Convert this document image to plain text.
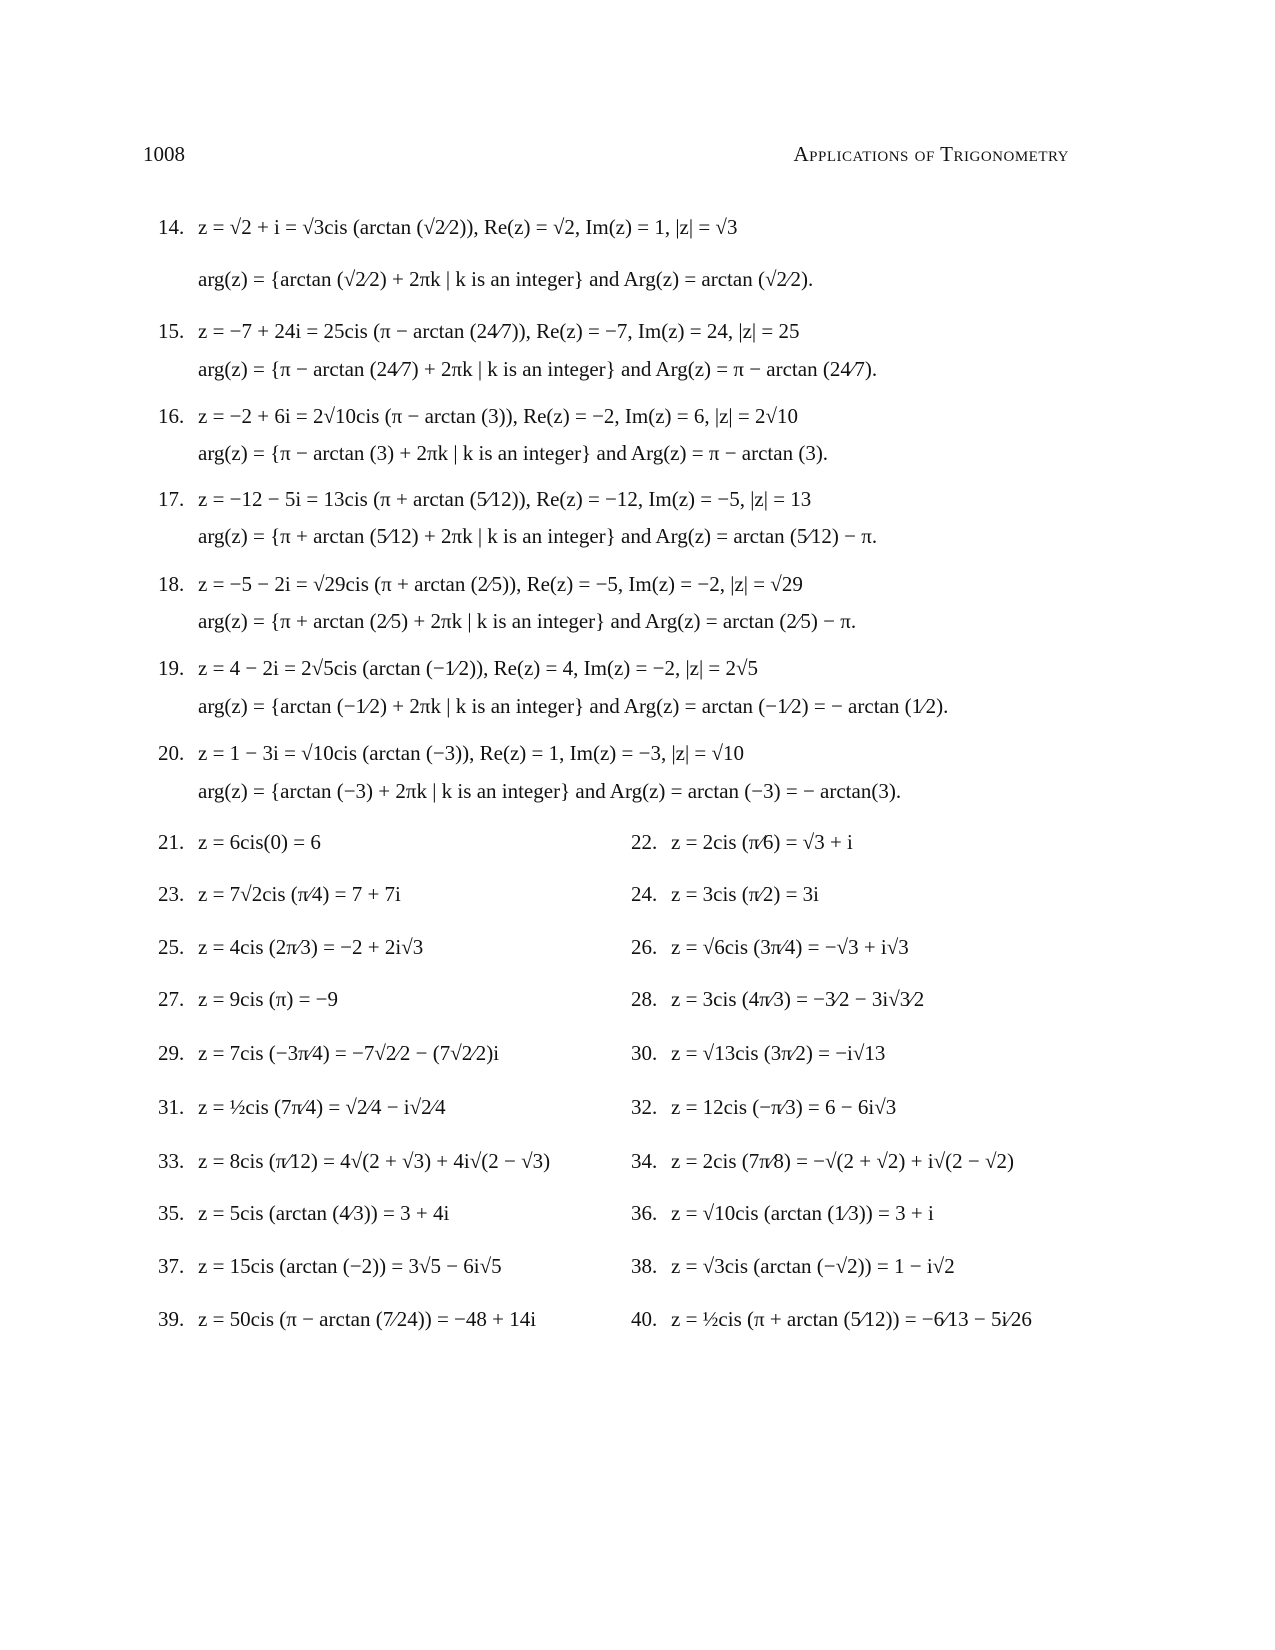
1008	Applications of Trigonometry
14. z = √2 + i = √3cis (arctan (√2⁄2)), Re(z) = √2, Im(z) = 1, |z| = √3
arg(z) = {arctan (√2⁄2) + 2πk | k is an integer} and Arg(z) = arctan (√2⁄2).
15. z = −7 + 24i = 25cis (π − arctan (24⁄7)), Re(z) = −7, Im(z) = 24, |z| = 25
arg(z) = {π − arctan (24⁄7) + 2πk | k is an integer} and Arg(z) = π − arctan (24⁄7).
16. z = −2 + 6i = 2√10cis (π − arctan (3)), Re(z) = −2, Im(z) = 6, |z| = 2√10
arg(z) = {π − arctan (3) + 2πk | k is an integer} and Arg(z) = π − arctan (3).
17. z = −12 − 5i = 13cis (π + arctan (5⁄12)), Re(z) = −12, Im(z) = −5, |z| = 13
arg(z) = {π + arctan (5⁄12) + 2πk | k is an integer} and Arg(z) = arctan (5⁄12) − π.
18. z = −5 − 2i = √29cis (π + arctan (2⁄5)), Re(z) = −5, Im(z) = −2, |z| = √29
arg(z) = {π + arctan (2⁄5) + 2πk | k is an integer} and Arg(z) = arctan (2⁄5) − π.
19. z = 4 − 2i = 2√5cis (arctan (−1⁄2)), Re(z) = 4, Im(z) = −2, |z| = 2√5
arg(z) = {arctan (−1⁄2) + 2πk | k is an integer} and Arg(z) = arctan (−1⁄2) = − arctan (1⁄2).
20. z = 1 − 3i = √10cis (arctan (−3)), Re(z) = 1, Im(z) = −3, |z| = √10
arg(z) = {arctan (−3) + 2πk | k is an integer} and Arg(z) = arctan (−3) = − arctan(3).
21. z = 6cis(0) = 6	22. z = 2cis (π⁄6) = √3 + i
23. z = 7√2cis (π⁄4) = 7 + 7i	24. z = 3cis (π⁄2) = 3i
25. z = 4cis (2π⁄3) = −2 + 2i√3	26. z = √6cis (3π⁄4) = −√3 + i√3
27. z = 9cis (π) = −9	28. z = 3cis (4π⁄3) = −3⁄2 − 3i√3⁄2
29. z = 7cis (−3π⁄4) = −7√2⁄2 − (7√2⁄2)i	30. z = √13cis (3π⁄2) = −i√13
31. z = ½cis (7π⁄4) = √2⁄4 − i√2⁄4	32. z = 12cis (−π⁄3) = 6 − 6i√3
33. z = 8cis (π⁄12) = 4√(2 + √3) + 4i√(2 − √3)	34. z = 2cis (7π⁄8) = −√(2 + √2) + i√(2 − √2)
35. z = 5cis (arctan (4⁄3)) = 3 + 4i	36. z = √10cis (arctan (1⁄3)) = 3 + i
37. z = 15cis (arctan (−2)) = 3√5 − 6i√5	38. z = √3cis (arctan (−√2)) = 1 − i√2
39. z = 50cis (π − arctan (7⁄24)) = −48 + 14i	40. z = ½cis (π + arctan (5⁄12)) = −6⁄13 − 5i⁄26
